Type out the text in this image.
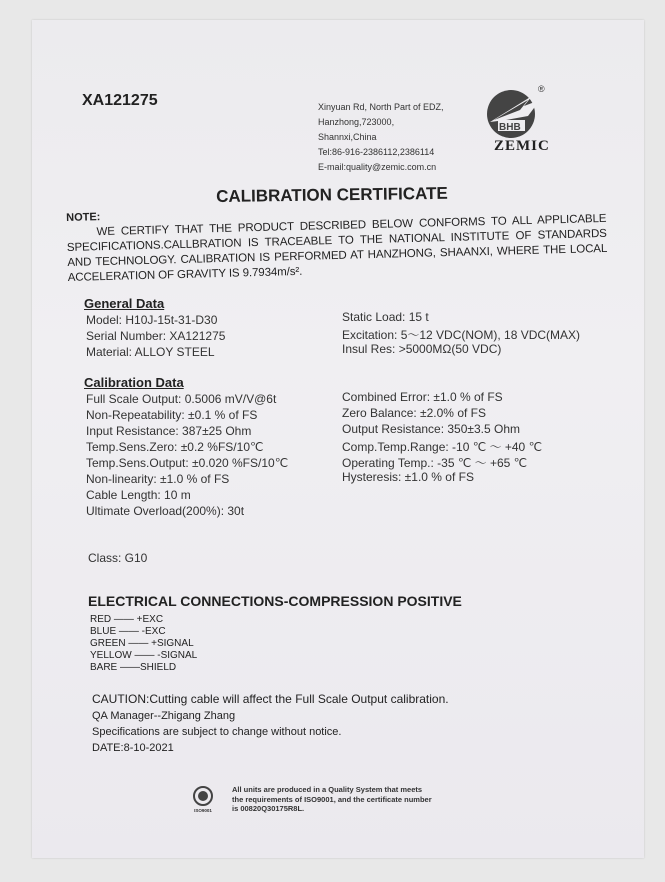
XA121275	Xinyuan Rd, North Part of EDZ,
Hanzhong,723000,
Shannxi,China
Tel:86-916-2386112,2386114
E-mail:quality@zemic.com.cn
BHB
®
ZEMIC
CALIBRATION CERTIFICATE
NOTE:
WE CERTIFY THAT THE PRODUCT DESCRIBED BELOW CONFORMS TO ALL APPLICABLE SPECIFICATIONS.CALLBRATION IS TRACEABLE TO THE NATIONAL INSTITUTE OF STANDARDS AND TECHNOLOGY. CALIBRATION IS PERFORMED AT HANZHONG, SHAANXI, WHERE THE LOCAL ACCELERATION OF GRAVITY IS 9.7934m/s².
General Data
Model: H10J-15t-31-D30
Serial Number: XA121275
Material: ALLOY STEEL
Static Load: 15 t
Excitation: 5～12 VDC(NOM), 18 VDC(MAX)
Insul Res: >5000MΩ(50 VDC)
Calibration Data
Full Scale Output: 0.5006 mV/V@6t
Non-Repeatability: ±0.1 % of FS
Input Resistance: 387±25 Ohm
Temp.Sens.Zero: ±0.2 %FS/10℃
Temp.Sens.Output: ±0.020 %FS/10℃
Non-linearity: ±1.0 % of FS
Cable Length: 10 m
Ultimate Overload(200%): 30t
Combined Error: ±1.0 % of FS
Zero Balance: ±2.0% of FS
Output Resistance: 350±3.5 Ohm
Comp.Temp.Range: -10 ℃ ～ +40 ℃
Operating Temp.: -35 ℃ ～ +65 ℃
Hysteresis: ±1.0 % of FS
Class: G10
ELECTRICAL CONNECTIONS-COMPRESSION POSITIVE
RED —— +EXC
BLUE —— -EXC
GREEN —— +SIGNAL
YELLOW —— -SIGNAL
BARE ——SHIELD
CAUTION:Cutting cable will affect the Full Scale Output calibration.
QA Manager--Zhigang Zhang
Specifications are subject to change without notice.
DATE:8-10-2021
ISO9001
All units are produced in a Quality System that meets
the requirements of ISO9001, and the certificate number
is 00820Q30175R8L.
